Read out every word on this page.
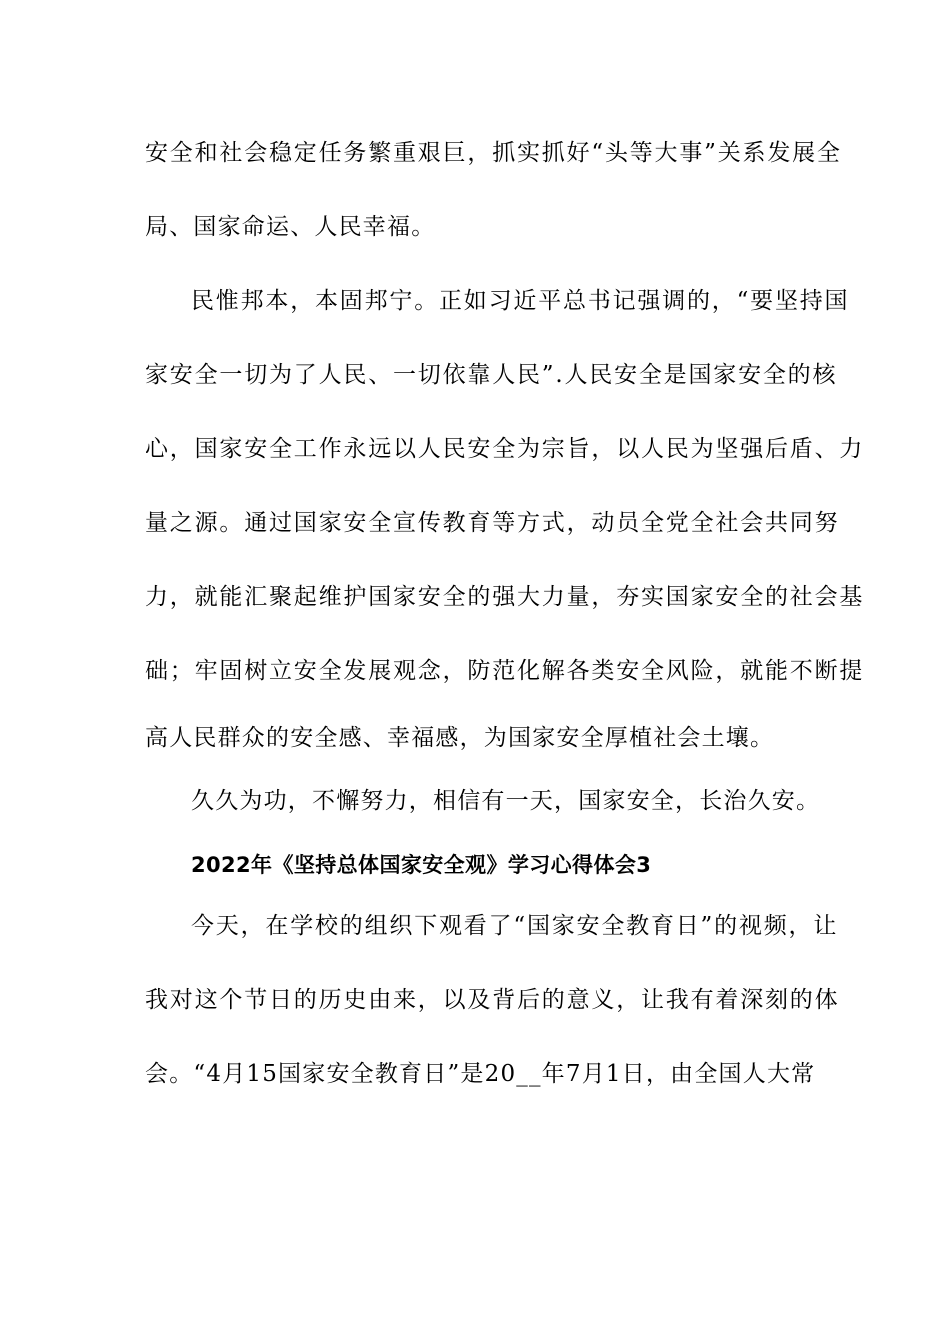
安全和社会稳定任务繁重艰巨，抓实抓好“头等大事”关系发展全
局、国家命运、人民幸福。
民惟邦本，本固邦宁。正如习近平总书记强调的，“要坚持国
家安全一切为了人民、一切依靠人民”.人民安全是国家安全的核
心，国家安全工作永远以人民安全为宗旨，以人民为坚强后盾、力
量之源。通过国家安全宣传教育等方式，动员全党全社会共同努
力，就能汇聚起维护国家安全的强大力量，夯实国家安全的社会基
础；牢固树立安全发展观念，防范化解各类安全风险，就能不断提
高人民群众的安全感、幸福感，为国家安全厚植社会土壤。
久久为功，不懈努力，相信有一天，国家安全，长治久安。
2022年《坚持总体国家安全观》学习心得体会3
今天，在学校的组织下观看了“国家安全教育日”的视频，让
我对这个节日的历史由来，以及背后的意义，让我有着深刻的体
会。“4月15国家安全教育日”是20__年7月1日，由全国人大常
